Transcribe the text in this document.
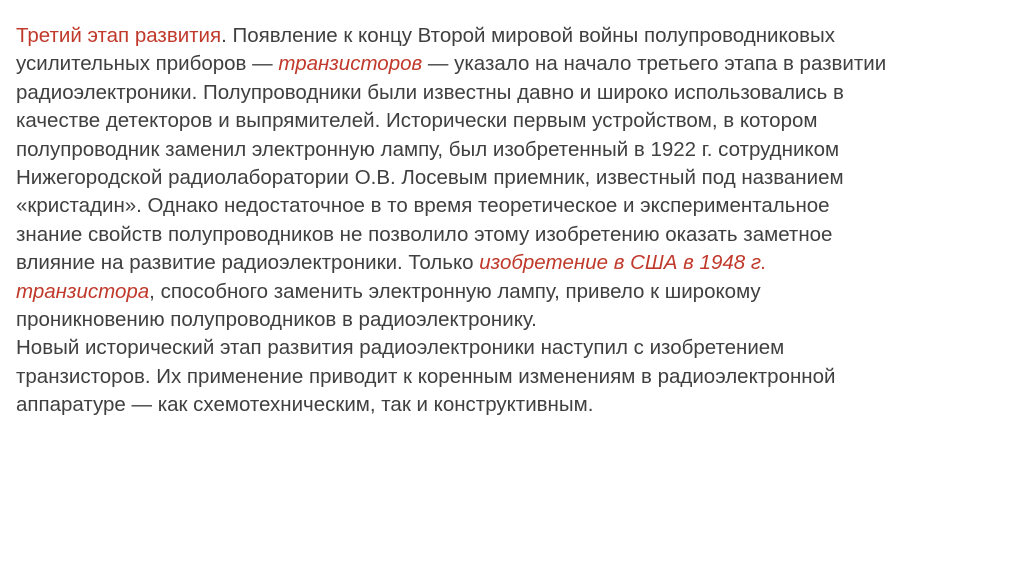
Третий этап развития. Появление к концу Второй мировой войны полупроводниковых
усилительных приборов — транзисторов — указало на начало третьего этапа в развитии
радиоэлектроники. Полупроводники были известны давно и широко использовались в
качестве детекторов и выпрямителей. Исторически первым устройством, в котором
полупроводник заменил электронную лампу, был изобретенный в 1922 г. сотрудником
Нижегородской радиолаборатории О.В. Лосевым приемник, известный под названием
«кристадин». Однако недостаточное в то время теоретическое и экспериментальное
знание свойств полупроводников не позволило этому изобретению оказать заметное
влияние на развитие радиоэлектроники. Только изобретение в США в 1948 г.
транзистора, способного заменить электронную лампу, привело к широкому
проникновению полупроводников в радиоэлектронику.
Новый исторический этап развития радиоэлектроники наступил с изобретением
транзисторов. Их применение приводит к коренным изменениям в радиоэлектронной
аппаратуре — как схемотехническим, так и конструктивным.
